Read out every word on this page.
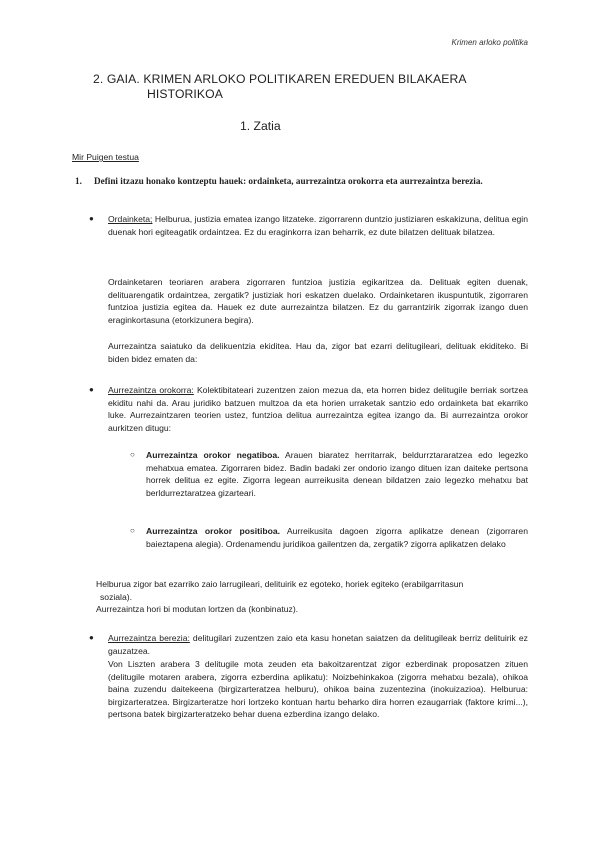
Krimen arloko politika
2. GAIA. KRIMEN ARLOKO POLITIKAREN EREDUEN BILAKAERA
HISTORIKOA
1. Zatia
Mir Puigen testua
1. Defini itzazu honako kontzeptu hauek: ordainketa, aurrezaintza orokorra eta aurrezaintza berezia.
● Ordainketa; Helburua, justizia ematea izango litzateke. zigorrarenn duntzio justiziaren eskakizuna, delitua egin duenak hori egiteagatik ordaintzea. Ez du eraginkorra izan beharrik, ez dute bilatzen delituak bilatzea.
Ordainketaren teoriaren arabera zigorraren funtzioa justizia egikaritzea da. Delituak egiten duenak, delituarengatik ordaintzea, zergatik? justiziak hori eskatzen duelako. Ordainketaren ikuspuntutik, zigorraren funtzioa justizia egitea da. Hauek ez dute aurrezaintza bilatzen. Ez du garrantzirik zigorrak izango duen eraginkortasuna (etorkizunera begira).
Aurrezaintza saiatuko da delikuentzia ekiditea. Hau da, zigor bat ezarri delitugileari, delituak ekiditeko. Bi biden bidez ematen da:
● Aurrezaintza orokorra: Kolektibitateari zuzentzen zaion mezua da, eta horren bidez delitugile berriak sortzea ekiditu nahi da. Arau juridiko batzuen multzoa da eta horien urraketak santzio edo ordainketa bat ekarriko luke. Aurrezaintzaren teorien ustez, funtzioa delitua aurrezaintza egitea izango da. Bi aurrezaintza orokor aurkitzen ditugu:
○ Aurrezaintza orokor negatiboa. Arauen biaratez herritarrak, beldurrztararatzea edo legezko mehatxua ematea. Zigorraren bidez. Badin badaki zer ondorio izango dituen izan daiteke pertsona horrek delitua ez egite. Zigorra legean aurreikusita denean bildatzen zaio legezko mehatxu bat berldurreztaratzea gizarteari.
○ Aurrezaintza orokor positiboa. Aurreikusita dagoen zigorra aplikatze denean (zigorraren baieztapena alegia). Ordenamendu juridikoa gailentzen da, zergatik? zigorra aplikatzen delako
Helburua zigor bat ezarriko zaio larrugileari, delituirik ez egoteko, horiek egiteko (erabilgarritasun
soziala).
Aurrezaintza hori bi modutan lortzen da (konbinatuz).
● Aurrezaintza berezia: delitugilari zuzentzen zaio eta kasu honetan saiatzen da delitugileak berriz delituirik ez gauzatzea.
Von Liszten arabera 3 delitugile mota zeuden eta bakoitzarentzat zigor ezberdinak proposatzen zituen (delitugile motaren arabera, zigorra ezberdina aplikatu): Noizbehinkakoa (zigorra mehatxu bezala), ohikoa baina zuzendu daitekeena (birgizarteratzea helburu), ohikoa baina zuzentezina (inokuizazioa). Helburua: birgizarteratzea. Birgizarteratze hori lortzeko kontuan hartu beharko dira horren ezaugarriak (faktore krimi...), pertsona batek birgizarteratzeko behar duena ezberdina izango delako.
